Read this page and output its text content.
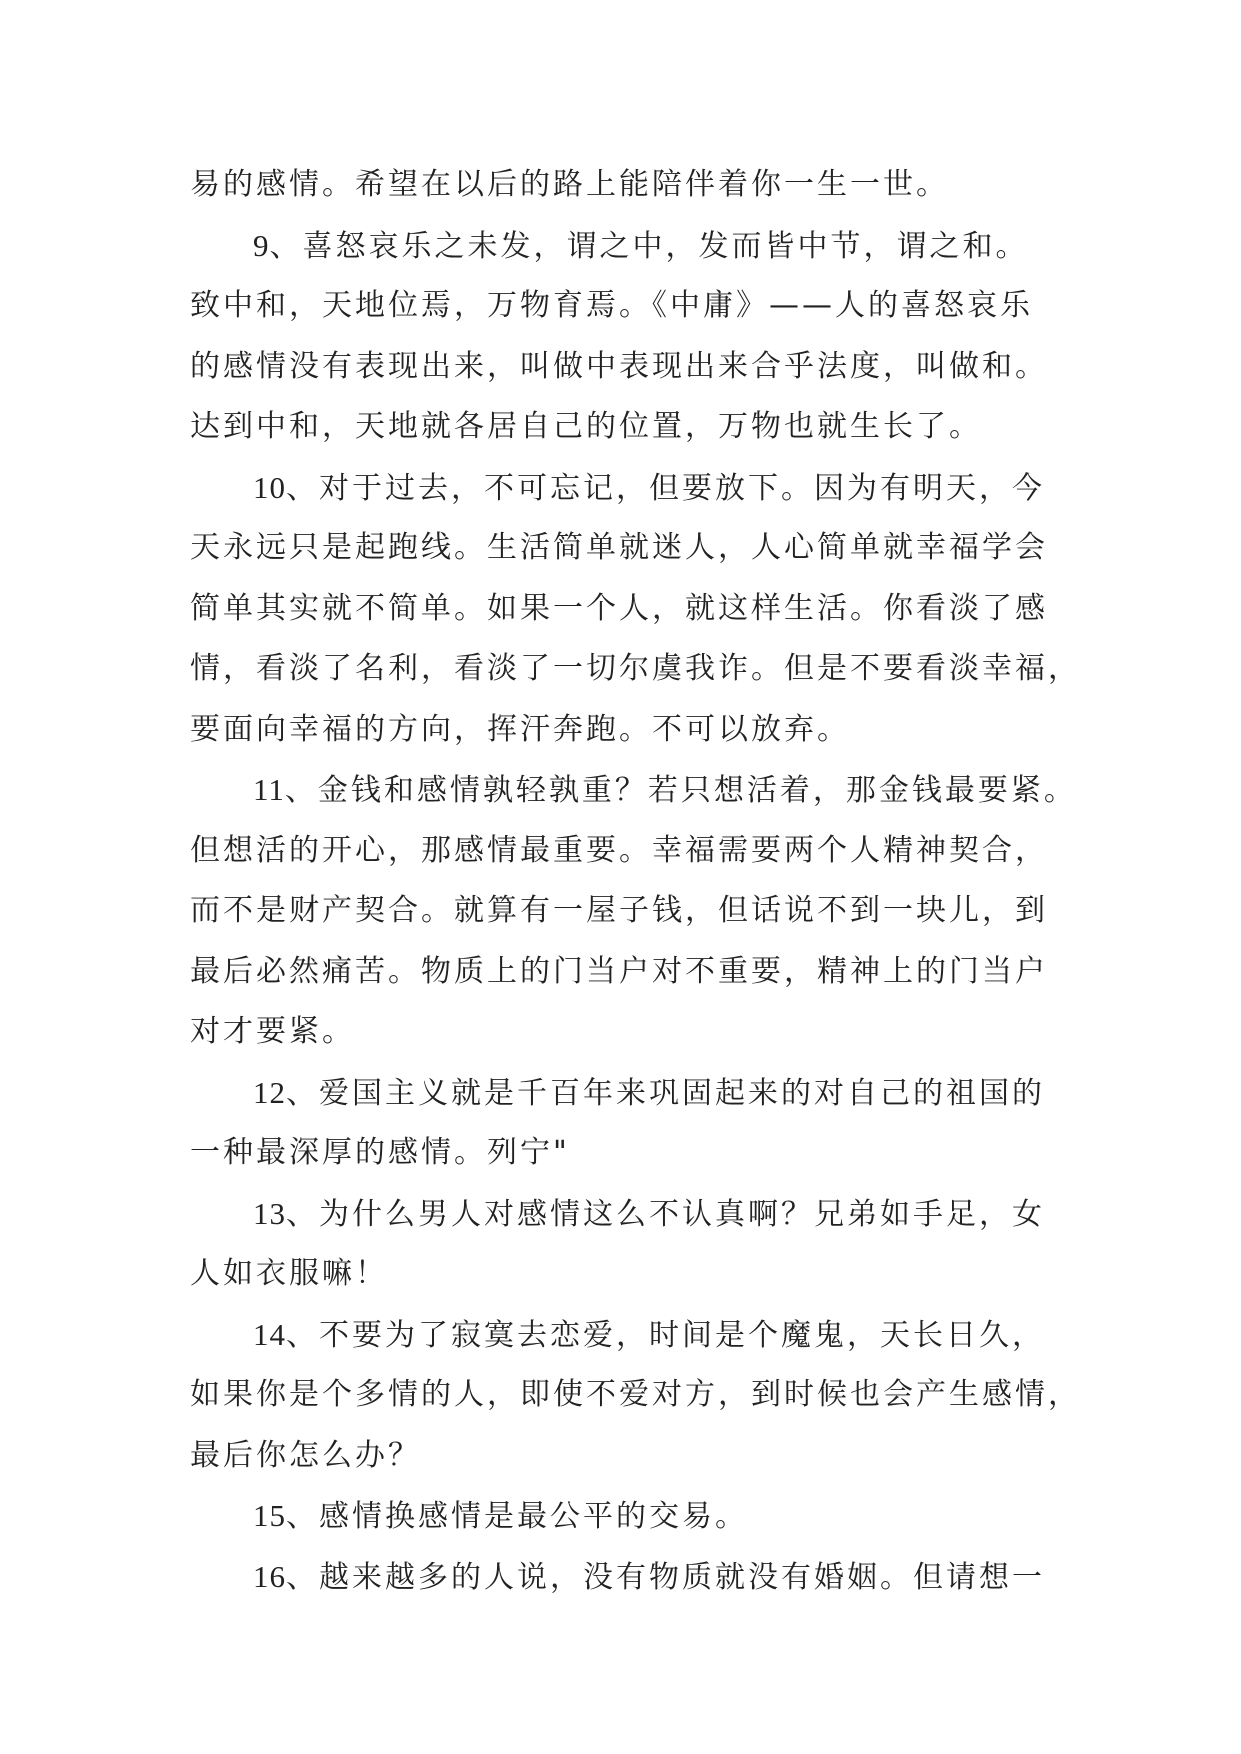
易的感情。希望在以后的路上能陪伴着你一生一世。
9、喜怒哀乐之未发，谓之中，发而皆中节，谓之和。
致中和，天地位焉，万物育焉。《中庸》——人的喜怒哀乐
的感情没有表现出来，叫做中表现出来合乎法度，叫做和。
达到中和，天地就各居自己的位置，万物也就生长了。
10、对于过去，不可忘记，但要放下。因为有明天，今
天永远只是起跑线。生活简单就迷人，人心简单就幸福学会
简单其实就不简单。如果一个人，就这样生活。你看淡了感
情，看淡了名利，看淡了一切尔虞我诈。但是不要看淡幸福，
要面向幸福的方向，挥汗奔跑。不可以放弃。
11、金钱和感情孰轻孰重？若只想活着，那金钱最要紧。
但想活的开心，那感情最重要。幸福需要两个人精神契合，
而不是财产契合。就算有一屋子钱，但话说不到一块儿，到
最后必然痛苦。物质上的门当户对不重要，精神上的门当户
对才要紧。
12、爱国主义就是千百年来巩固起来的对自己的祖国的
一种最深厚的感情。列宁"
13、为什么男人对感情这么不认真啊？兄弟如手足，女
人如衣服嘛！
14、不要为了寂寞去恋爱，时间是个魔鬼，天长日久，
如果你是个多情的人，即使不爱对方，到时候也会产生感情，
最后你怎么办？
15、感情换感情是最公平的交易。
16、越来越多的人说，没有物质就没有婚姻。但请想一
